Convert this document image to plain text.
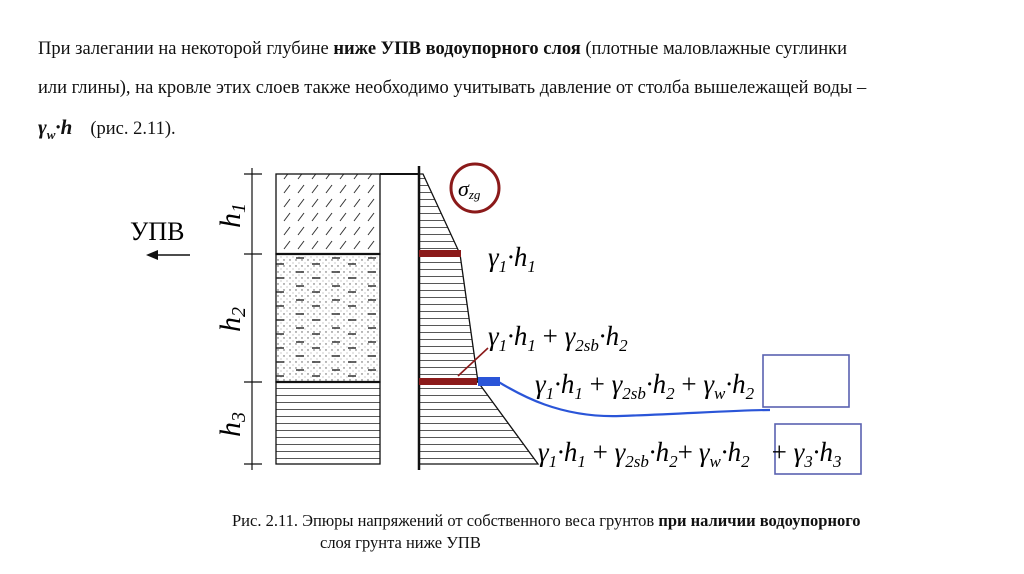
При залегании на некоторой глубине ниже УПВ водоупорного слоя (плотные маловлажные суглинки

или глины), на кровле этих слоев также необходимо учитывать давление от столба вышележащей воды –

$\gamma_w\cdot h$ (рис. 2.11).

h1
h2
h3
УПВ
σzg
$\gamma_1\cdot h_1$
$\gamma_1\cdot h_1 + \gamma_{2sb}\cdot h_2$
$\gamma_1\cdot h_1 + \gamma_{2sb}\cdot h_2 + \gamma_w\cdot h_2$
$\gamma_1\cdot h_1 + \gamma_{2sb}\cdot h_2+ \gamma_w\cdot h_2 + \gamma_3\cdot h_3$
Рис. 2.11. Эпюры напряжений от собственного веса грунтов при наличии водоупорного
слоя грунта ниже УПВ
